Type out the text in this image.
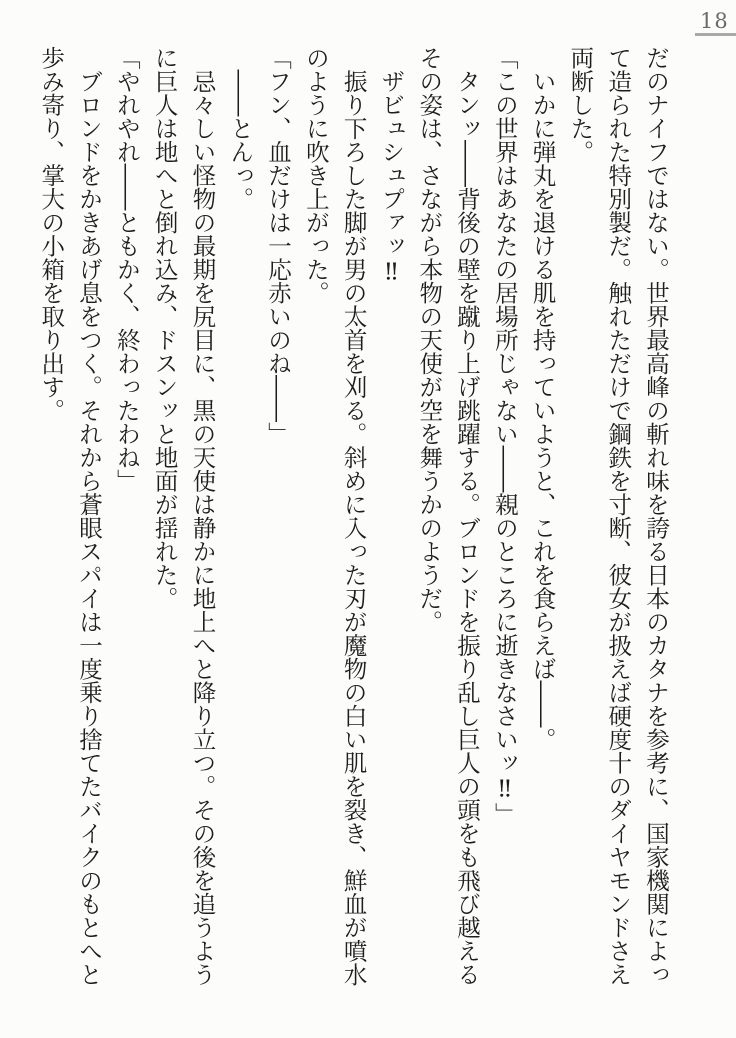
18

だのナイフではない。世界最高峰の斬れ味を誇る日本のカタナを参考に、国家機関によって造られた特別製だ。触れただけで鋼鉄を寸断、彼女が扱えば硬度十のダイヤモンドさえ両断した。

　いかに弾丸を退ける肌を持っていようと、これを食らえば――。

「この世界はあなたの居場所じゃない――親のところに逝きなさいッ‼」

　タンッ――背後の壁を蹴り上げ跳躍する。ブロンドを振り乱し巨人の頭をも飛び越えるその姿は、さながら本物の天使が空を舞うかのようだ。

　ザビュシュプァッ‼

　振り下ろした脚が男の太首を刈る。斜めに入った刃が魔物の白い肌を裂き、鮮血が噴水のように吹き上がった。

「フン、血だけは一応赤いのね――」

　――とんっ。

　忌々しい怪物の最期を尻目に、黒の天使は静かに地上へと降り立つ。その後を追うように巨人は地へと倒れ込み、ドスンッと地面が揺れた。

「やれやれ――ともかく、終わったわね」

　ブロンドをかきあげ息をつく。それから蒼眼スパイは一度乗り捨てたバイクのもとへと歩み寄り、掌大の小箱を取り出す。
